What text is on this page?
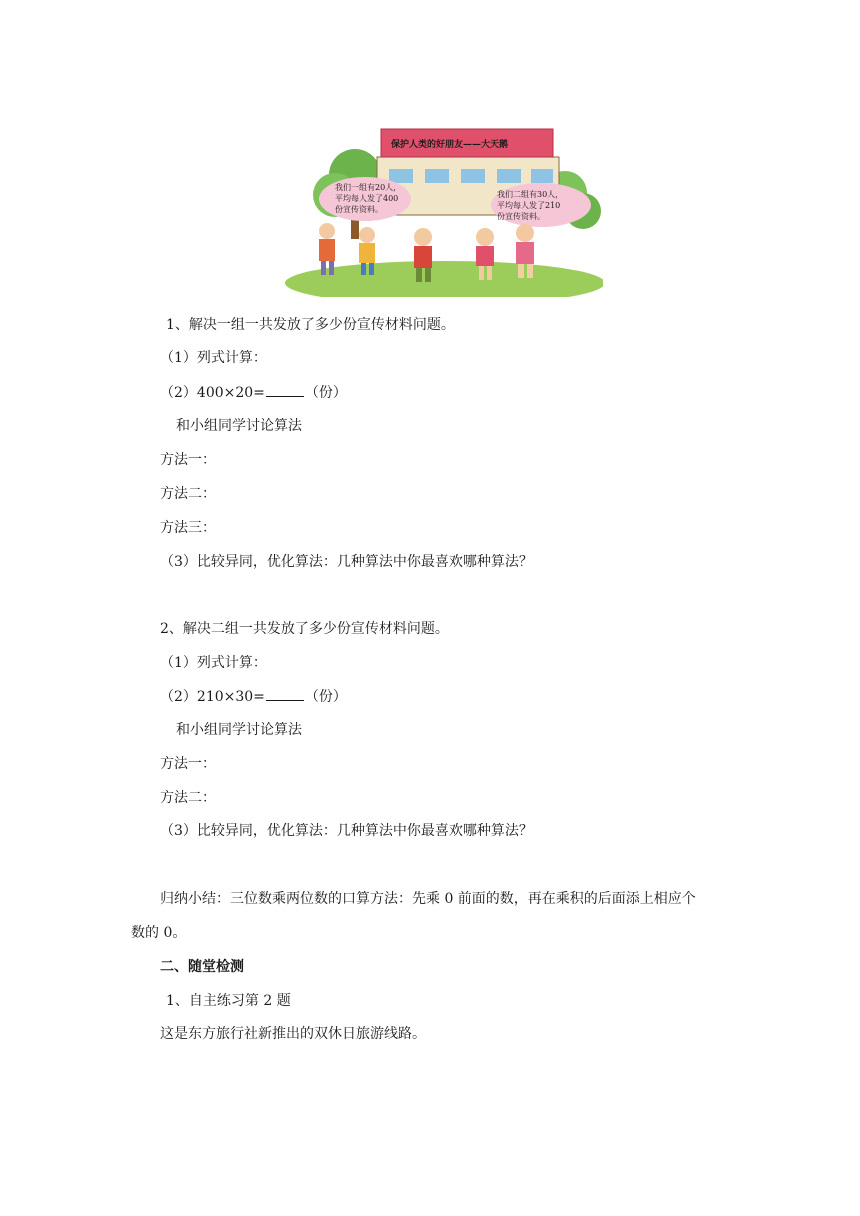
保护人类的好朋友——大天鹅
我们一组有20人，
平均每人发了400
份宣传资料。
我们二组有30人，
平均每人发了210
份宣传资料。
1、解决一组一共发放了多少份宣传材料问题。
（1）列式计算：
（2）400×20=	（份）
和小组同学讨论算法
方法一：
方法二：
方法三：
（3）比较异同，优化算法：几种算法中你最喜欢哪种算法？
2、解决二组一共发放了多少份宣传材料问题。
（1）列式计算：
（2）210×30=	（份）
和小组同学讨论算法
方法一：
方法二：
（3）比较异同，优化算法：几种算法中你最喜欢哪种算法？
归纳小结：三位数乘两位数的口算方法：先乘 0 前面的数，再在乘积的后面添上相应个
数的 0。
二、随堂检测
1、自主练习第 2 题
这是东方旅行社新推出的双休日旅游线路。
